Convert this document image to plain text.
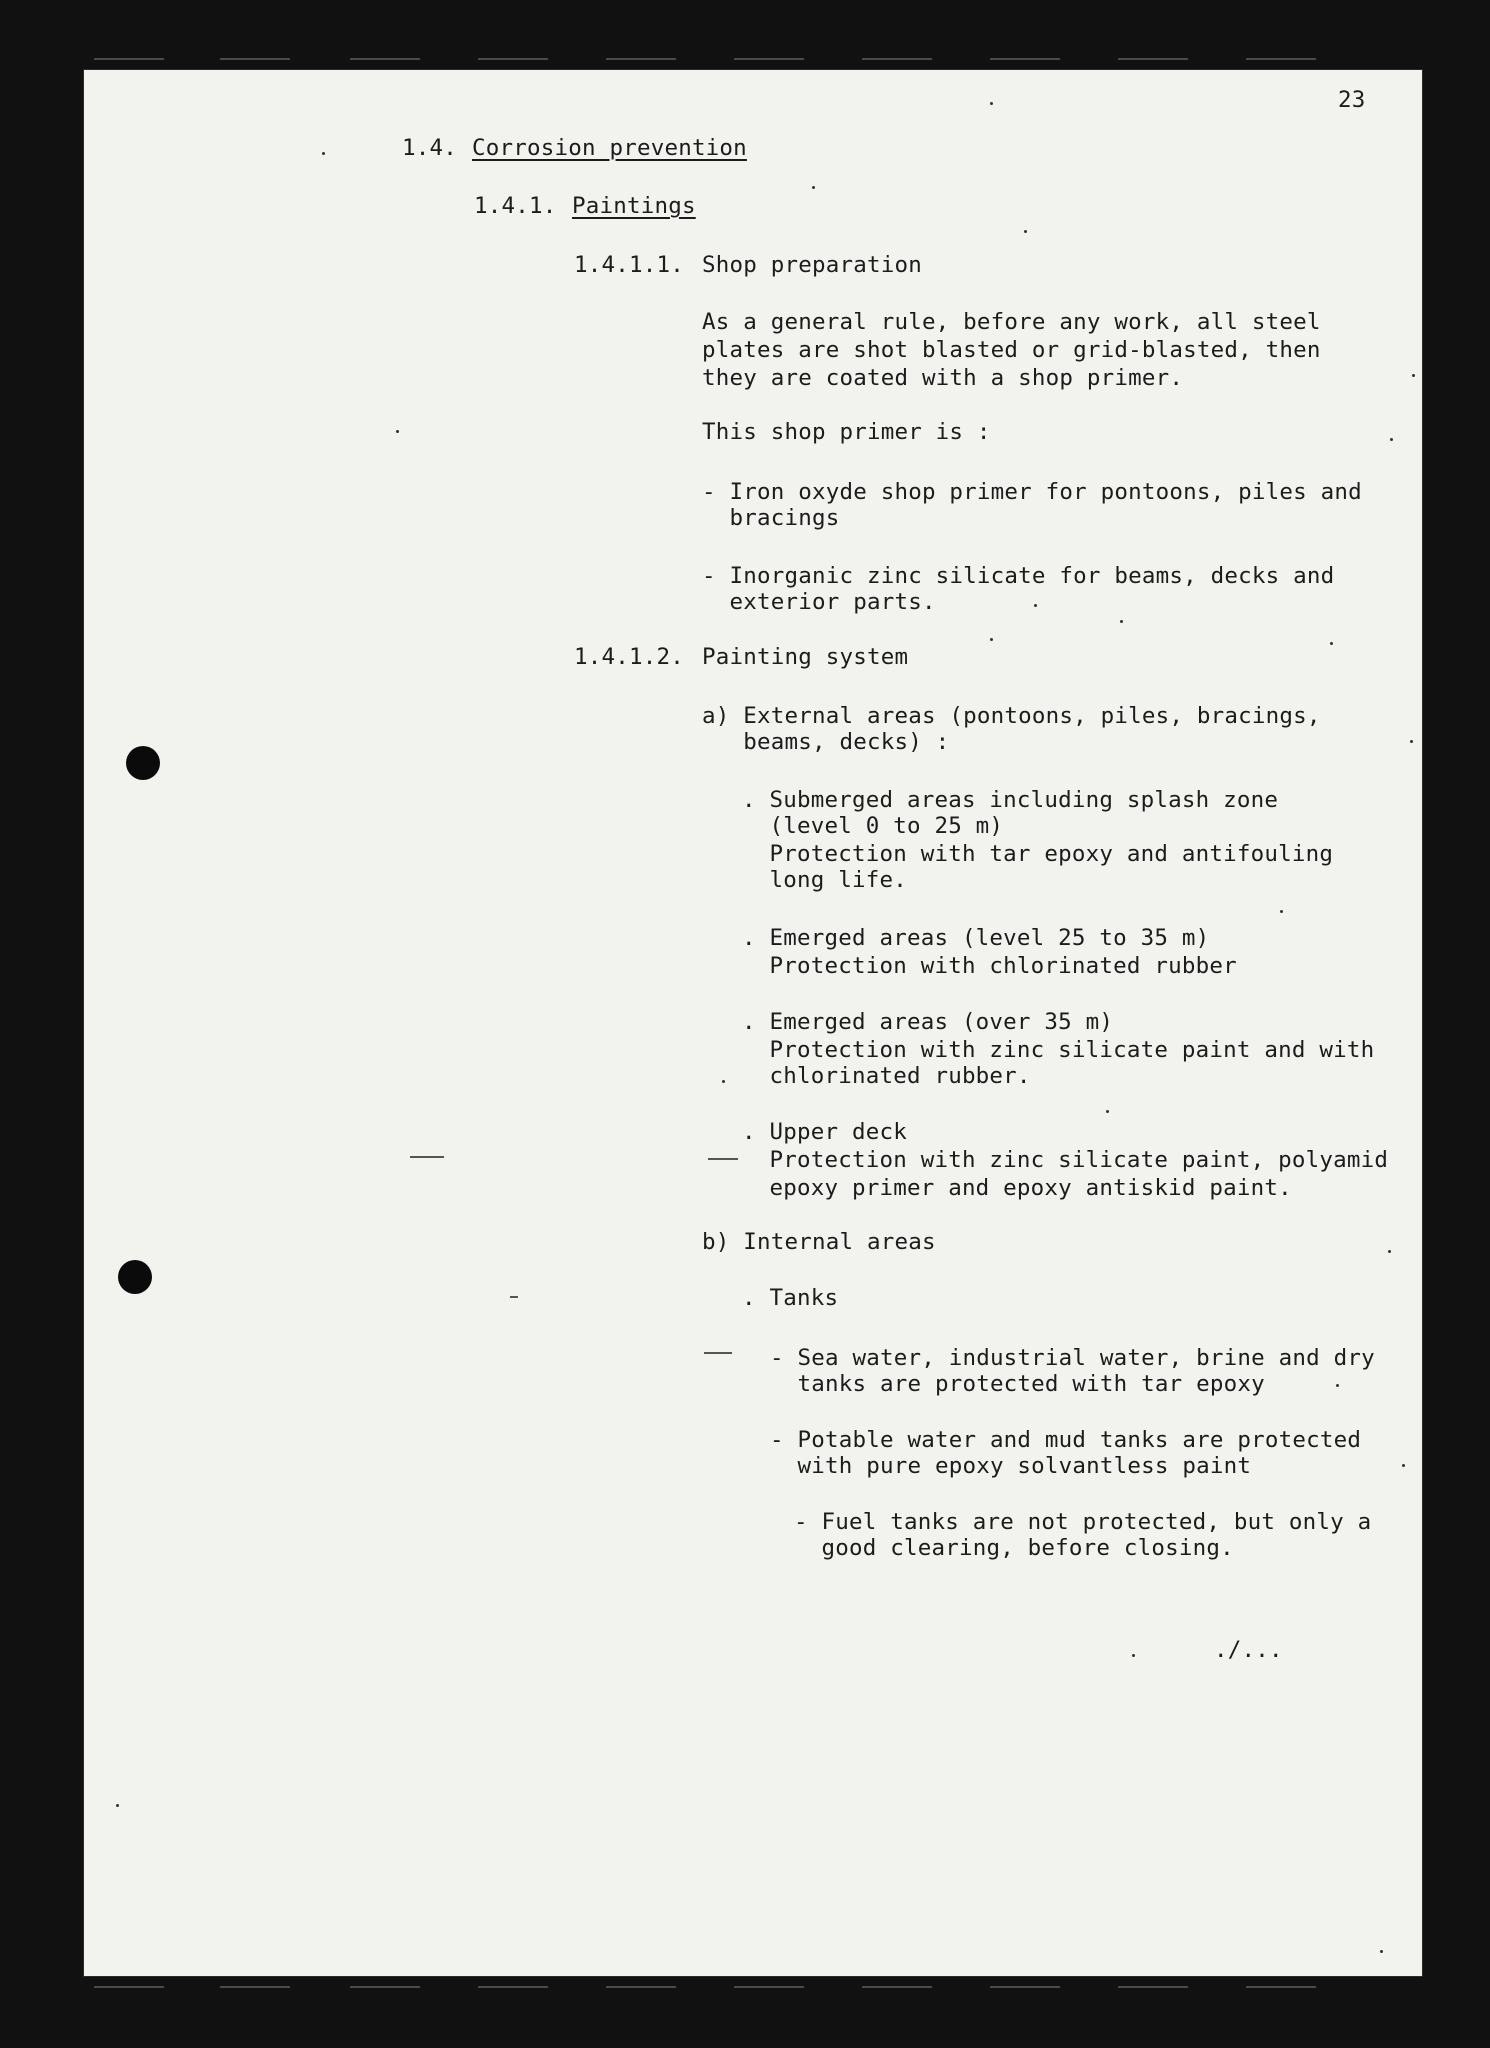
23
1.4. Corrosion prevention
1.4.1. Paintings
1.4.1.1. Shop preparation
As a general rule, before any work, all steel
plates are shot blasted or grid-blasted, then
they are coated with a shop primer.
This shop primer is :
- Iron oxyde shop primer for pontoons, piles and
bracings
- Inorganic zinc silicate for beams, decks and
exterior parts.
1.4.1.2. Painting system
a) External areas (pontoons, piles, bracings,
beams, decks) :
. Submerged areas including splash zone
(level 0 to 25 m)
Protection with tar epoxy and antifouling
long life.
. Emerged areas (level 25 to 35 m)
Protection with chlorinated rubber
. Emerged areas (over 35 m)
Protection with zinc silicate paint and with
chlorinated rubber.
. Upper deck
Protection with zinc silicate paint, polyamid
epoxy primer and epoxy antiskid paint.
b) Internal areas
. Tanks
- Sea water, industrial water, brine and dry
tanks are protected with tar epoxy
- Potable water and mud tanks are protected
with pure epoxy solvantless paint
- Fuel tanks are not protected, but only a
good clearing, before closing.
./...
